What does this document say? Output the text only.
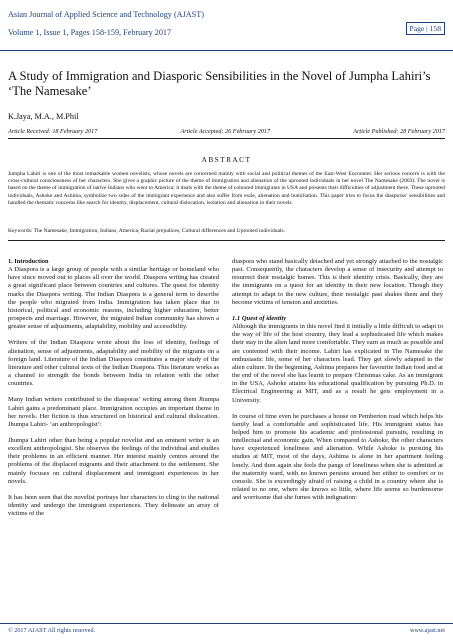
Asian Journal of Applied Science and Technology (AJAST)
Volume 1, Issue 1, Pages 158-159, February 2017	Page | 158
A Study of Immigration and Diasporic Sensibilities in the Novel of Jumpha Lahiri’s ‘The Namesake’
K.Jaya, M.A., M.Phil
Article Received: 18 February 2017	Article Accepted: 26 February 2017	Article Published: 28 February 2017
ABSTRACT
Jumpha Lahiri is one of the most remarkable women novelists, whose novels are concerned mainly with social and political themes of the East-West Encounter. Her serious concern is with the cross-cultural consciousness of her characters. She gives a graphic picture of the theme of immigration and alienation of the uprooted individuals in her novel The Namesake (2003). The novel is based on the theme of immigration of native Indians who went to America; it deals with the theme of coloured immigrants in USA and presents their difficulties of adjustment there. These uprooted individuals, Ashoke and Ashima, symbolize two sides of the immigrant experience and also suffer from exile, alienation and humiliation. This paper tries to focus the diasporas’ sensibilities and handled the thematic concerns like search for identity, displacement, cultural dislocation, isolation and alienation in their novels.
Keywords: The Namesake, Immigration, Indians, America, Racial prejudices, Cultural differences and Uprooted individuals.
1. Introduction

A Diaspora is a large group of people with a similar heritage or homeland who have since moved out to places all over the world. Diaspora writing has created a great significant place between countries and cultures. The quest for identity marks the Diaspora writing. The Indian Diaspora is a general term to describe the people who migrated from India. Immigration has taken place due to historical, political and economic reasons, including higher education, better prospects and marriage. However, the migrated Indian community has shown a greater sense of adjustments, adaptability, mobility and accessibility.

Writers of the Indian Diaspora wrote about the loss of identity, feelings of alienation, sense of adjustments, adaptability and mobility of the migrants on a foreign land. Literature of the Indian Diaspora constitutes a major study of the literature and other cultural texts of the Indian Diaspora. This literature works as a channel to strength the bonds between India in relation with the other countries.

Many Indian writers contributed to the diasporas’ writing among them Jhumpa Lahiri gains a predominant place. Immigration occupies an important theme in her novels. Her fiction is thus structured on historical and cultural dislocation. Jhumpa Lahiri- ‘an anthropologist’:

Jhumpa Lahiri other than being a popular novelist and an eminent writer is an excellent anthropologist. She observes the feelings of the individual and studies their problems in an efficient manner. Her interest mainly centres around the problems of the displaced migrants and their attachment to the settlement. She mainly focuses on cultural displacement and immigrant experiences in her novels.

It has been seen that the novelist portrays her characters to cling to the national identity and undergo the immigrant experiences. They delineate an array of victims of the

diaspora who stand basically detached and yet strongly attached to the nostalgic past. Consequently, the characters develop a sense of insecurity and attempt to resurrect their nostalgic homes. This is their identity crisis. Basically, they are the immigrants on a quest for an identity in their new location. Though they attempt to adapt to the new culture, their nostalgic past shakes them and they become victims of tension and anxieties.

1.1 Quest of identity

Although the immigrants in this novel find it initially a little difficult to adapt to the way of life of the host country, they lead a sophisticated life which makes their stay in the alien land more comfortable. They earn as much as possible and are contented with their income. Lahiri has explicated in The Namesake the enthusiastic life, some of her characters lead. They get slowly adapted to the alien culture. In the beginning, Ashima prepares her favourite Indian food and at the end of the novel she has learnt to prepare Christmas cake. As an immigrant in the USA, Ashoke attains his educational qualification by pursuing Ph.D. in Electrical Engineering at MIT, and as a result he gets employment in a University.

In course of time even he purchases a house on Pemberton road which helps his family lead a comfortable and sophisticated life. His immigrant status has helped him to promote his academic and professional pursuits, resulting in intellectual and economic gain. When compared to Ashoke, the other characters have experienced loneliness and alienation. While Ashoke is pursuing his studies at MIT, most of the days, Ashima is alone in her apartment feeling lonely. And then again she feels the pangs of loneliness when she is admitted at the maternity ward, with no known persons around her either to comfort or to console. She is exceedingly afraid of raising a child in a country where she is related to no one, where she knows so little, where life seems so burdensome and worrisome that she fumes with indignation:

© 2017 AJAST All rights reserved.	www.ajast.net
